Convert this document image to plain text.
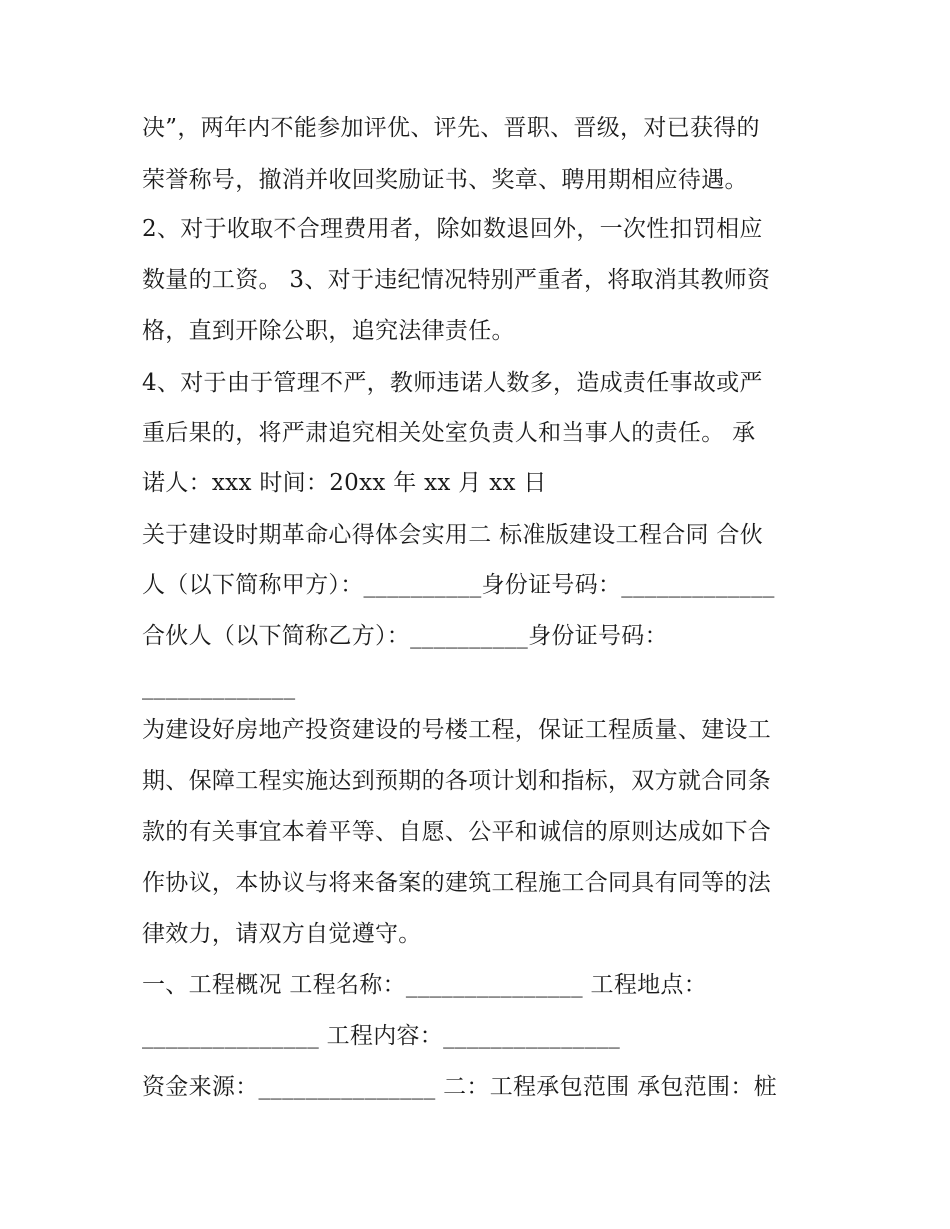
决”，两年内不能参加评优、评先、晋职、晋级，对已获得的
荣誉称号，撤消并收回奖励证书、奖章、聘用期相应待遇。
2、对于收取不合理费用者，除如数退回外，一次性扣罚相应
数量的工资。 3、对于违纪情况特别严重者，将取消其教师资
格，直到开除公职，追究法律责任。
4、对于由于管理不严，教师违诺人数多，造成责任事故或严
重后果的，将严肃追究相关处室负责人和当事人的责任。 承
诺人：xxx 时间：20xx 年 xx 月 xx 日
关于建设时期革命心得体会实用二 标准版建设工程合同 合伙
人（以下简称甲方）：__________身份证号码：_____________
合伙人（以下简称乙方）：__________身份证号码：
_____________
为建设好房地产投资建设的号楼工程，保证工程质量、建设工
期、保障工程实施达到预期的各项计划和指标，双方就合同条
款的有关事宜本着平等、自愿、公平和诚信的原则达成如下合
作协议，本协议与将来备案的建筑工程施工合同具有同等的法
律效力，请双方自觉遵守。
一、工程概况 工程名称：_______________ 工程地点：
_______________ 工程内容：_______________
资金来源：_______________ 二：工程承包范围 承包范围：桩
